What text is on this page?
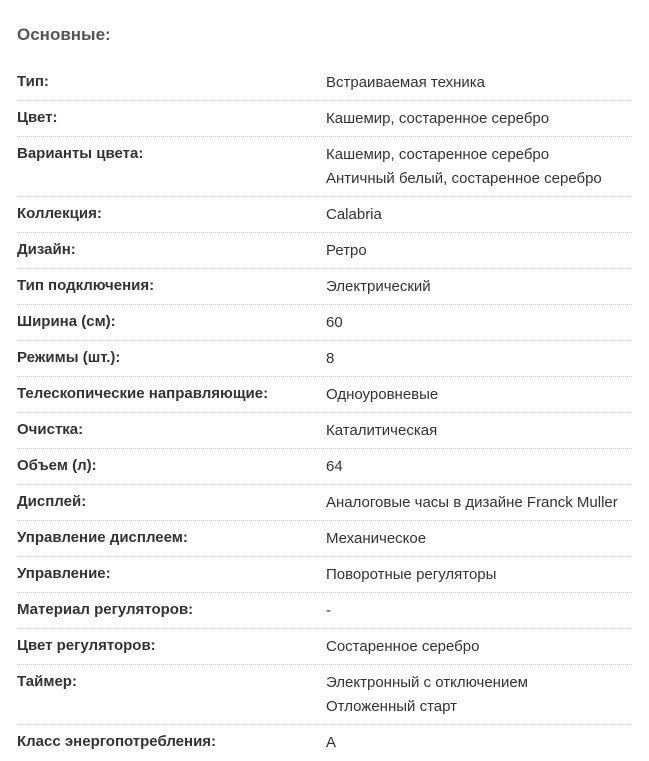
Основные:
Тип:	Встраиваемая техника
Цвет:	Кашемир, состаренное серебро
Варианты цвета:	Кашемир, состаренное серебро
Античный белый, состаренное серебро
Коллекция:	Calabria
Дизайн:	Ретро
Тип подключения:	Электрический
Ширина (см):	60
Режимы (шт.):	8
Телескопические направляющие:	Одноуровневые
Очистка:	Каталитическая
Объем (л):	64
Дисплей:	Аналоговые часы в дизайне Franck Muller
Управление дисплеем:	Механическое
Управление:	Поворотные регуляторы
Материал регуляторов:	-
Цвет регуляторов:	Состаренное серебро
Таймер:	Электронный с отключением
Отложенный старт
Класс энергопотребления:	A
